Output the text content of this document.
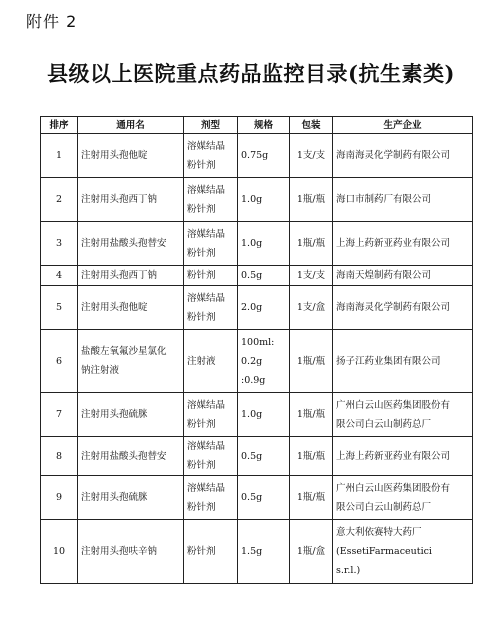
附件 2
县级以上医院重点药品监控目录(抗生素类)
排序	通用名	剂型	规格	包装	生产企业

1	注射用头孢他啶	溶媒结晶
粉针剂	0.75g	1支/支	海南海灵化学制药有限公司

2	注射用头孢西丁钠	溶媒结晶
粉针剂	1.0g	1瓶/瓶	海口市制药厂有限公司

3	注射用盐酸头孢替安	溶媒结晶
粉针剂	1.0g	1瓶/瓶	上海上药新亚药业有限公司

4	注射用头孢西丁钠	粉针剂	0.5g	1支/支	海南天煌制药有限公司

5	注射用头孢他啶	溶媒结晶
粉针剂	2.0g	1支/盒	海南海灵化学制药有限公司

6	盐酸左氧氟沙星氯化
钠注射液	注射液	100ml:
0.2g
:0.9g	1瓶/瓶	扬子江药业集团有限公司

7	注射用头孢硫脒	溶媒结晶
粉针剂	1.0g	1瓶/瓶	广州白云山医药集团股份有
限公司白云山制药总厂

8	注射用盐酸头孢替安	溶媒结晶
粉针剂	0.5g	1瓶/瓶	上海上药新亚药业有限公司

9	注射用头孢硫脒	溶媒结晶
粉针剂	0.5g	1瓶/瓶	广州白云山医药集团股份有
限公司白云山制药总厂

10	注射用头孢呋辛钠	粉针剂	1.5g	1瓶/盒	意大利依赛特大药厂
(EssetiFarmaceutici
s.r.l.)
